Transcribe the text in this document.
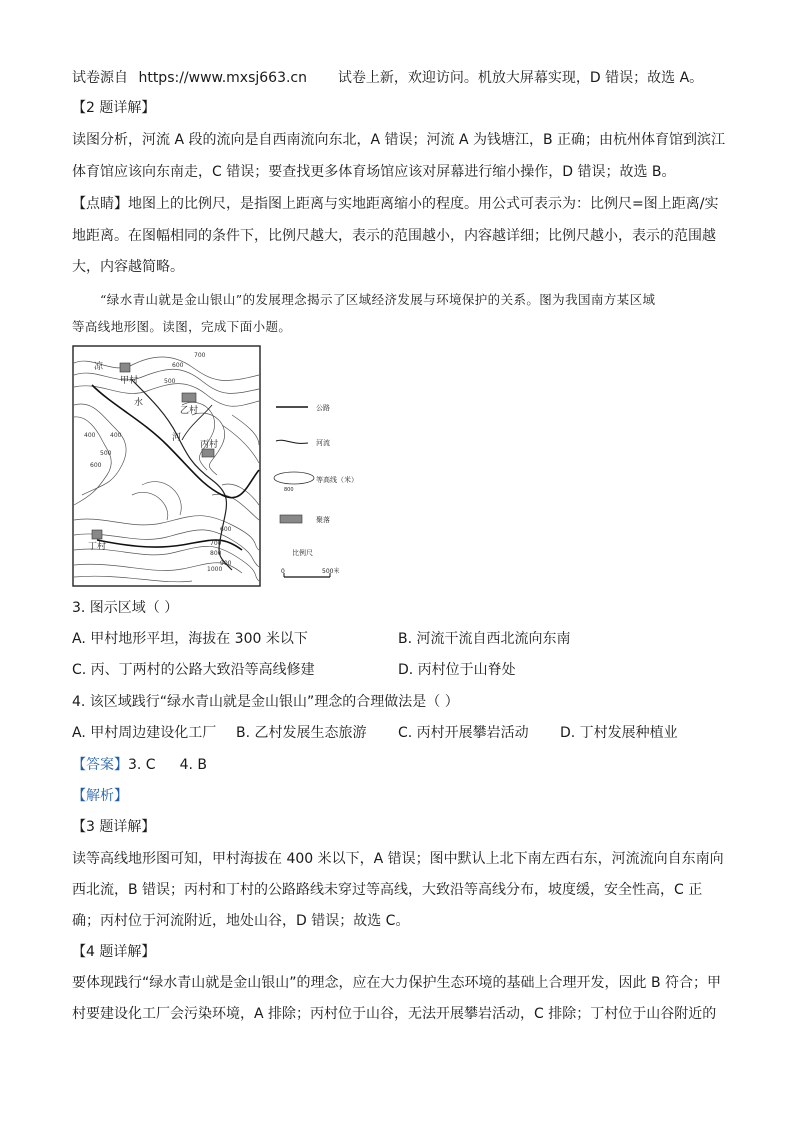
试卷源自 https://www.mxsj663.cn 试卷上新，欢迎访问。机放大屏幕实现，D 错误；故选 A。
【2 题详解】
读图分析，河流 A 段的流向是自西南流向东北，A 错误；河流 A 为钱塘江，B 正确；由杭州体育馆到滨江
体育馆应该向东南走，C 错误；要查找更多体育场馆应该对屏幕进行缩小操作，D 错误；故选 B。
【点睛】地图上的比例尺，是指图上距离与实地距离缩小的程度。用公式可表示为：比例尺=图上距离/实
地距离。在图幅相同的条件下，比例尺越大，表示的范围越小，内容越详细；比例尺越小，表示的范围越
大，内容越简略。
“绿水青山就是金山银山”的发展理念揭示了区域经济发展与环境保护的关系。图为我国南方某区域
等高线地形图。读图，完成下面小题。
凉
水
河
甲村
乙村
丙村
丁村
700
600
500
400 400
500
600
600
700
800
900
1000
公路
河流
800
等高线（米）
聚落
比例尺
0	500米
3. 图示区域（ ）
A. 甲村地形平坦，海拔在 300 米以下	B. 河流干流自西北流向东南
C. 丙、丁两村的公路大致沿等高线修建	D. 丙村位于山脊处
4. 该区域践行“绿水青山就是金山银山”理念的合理做法是（ ）
A. 甲村周边建设化工厂 B. 乙村发展生态旅游 C. 丙村开展攀岩活动 D. 丁村发展种植业
【答案】3. C 4. B
【解析】
【3 题详解】
读等高线地形图可知，甲村海拔在 400 米以下，A 错误；图中默认上北下南左西右东，河流流向自东南向
西北流，B 错误；丙村和丁村的公路路线未穿过等高线，大致沿等高线分布，坡度缓，安全性高，C 正
确；丙村位于河流附近，地处山谷，D 错误；故选 C。
【4 题详解】
要体现践行“绿水青山就是金山银山”的理念，应在大力保护生态环境的基础上合理开发，因此 B 符合；甲
村要建设化工厂会污染环境，A 排除；丙村位于山谷，无法开展攀岩活动，C 排除；丁村位于山谷附近的
